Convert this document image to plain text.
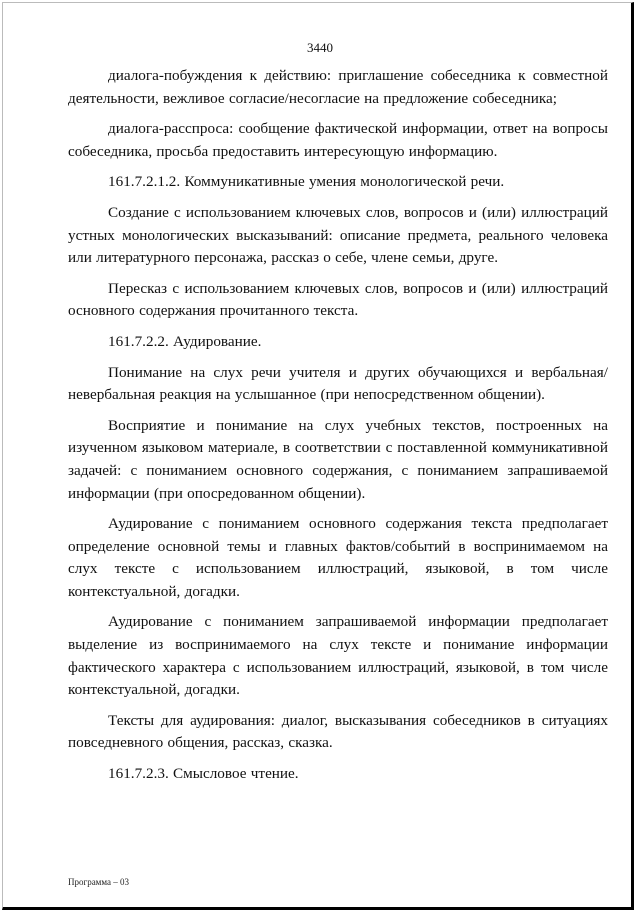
3440

диалога-побуждения к действию: приглашение собеседника к совместной деятельности, вежливое согласие/несогласие на предложение собеседника;

диалога-расспроса: сообщение фактической информации, ответ на вопросы собеседника, просьба предоставить интересующую информацию.

161.7.2.1.2. Коммуникативные умения монологической речи.

Создание с использованием ключевых слов, вопросов и (или) иллюстраций устных монологических высказываний: описание предмета, реального человека или литературного персонажа, рассказ о себе, члене семьи, друге.

Пересказ с использованием ключевых слов, вопросов и (или) иллюстраций основного содержания прочитанного текста.

161.7.2.2. Аудирование.

Понимание на слух речи учителя и других обучающихся и вербальная/невербальная реакция на услышанное (при непосредственном общении).

Восприятие и понимание на слух учебных текстов, построенных на изученном языковом материале, в соответствии с поставленной коммуникативной задачей: с пониманием основного содержания, с пониманием запрашиваемой информации (при опосредованном общении).

Аудирование с пониманием основного содержания текста предполагает определение основной темы и главных фактов/событий в воспринимаемом на слух тексте с использованием иллюстраций, языковой, в том числе контекстуальной, догадки.

Аудирование с пониманием запрашиваемой информации предполагает выделение из воспринимаемого на слух тексте и понимание информации фактического характера с использованием иллюстраций, языковой, в том числе контекстуальной, догадки.

Тексты для аудирования: диалог, высказывания собеседников в ситуациях повседневного общения, рассказ, сказка.

161.7.2.3. Смысловое чтение.

Программа – 03
